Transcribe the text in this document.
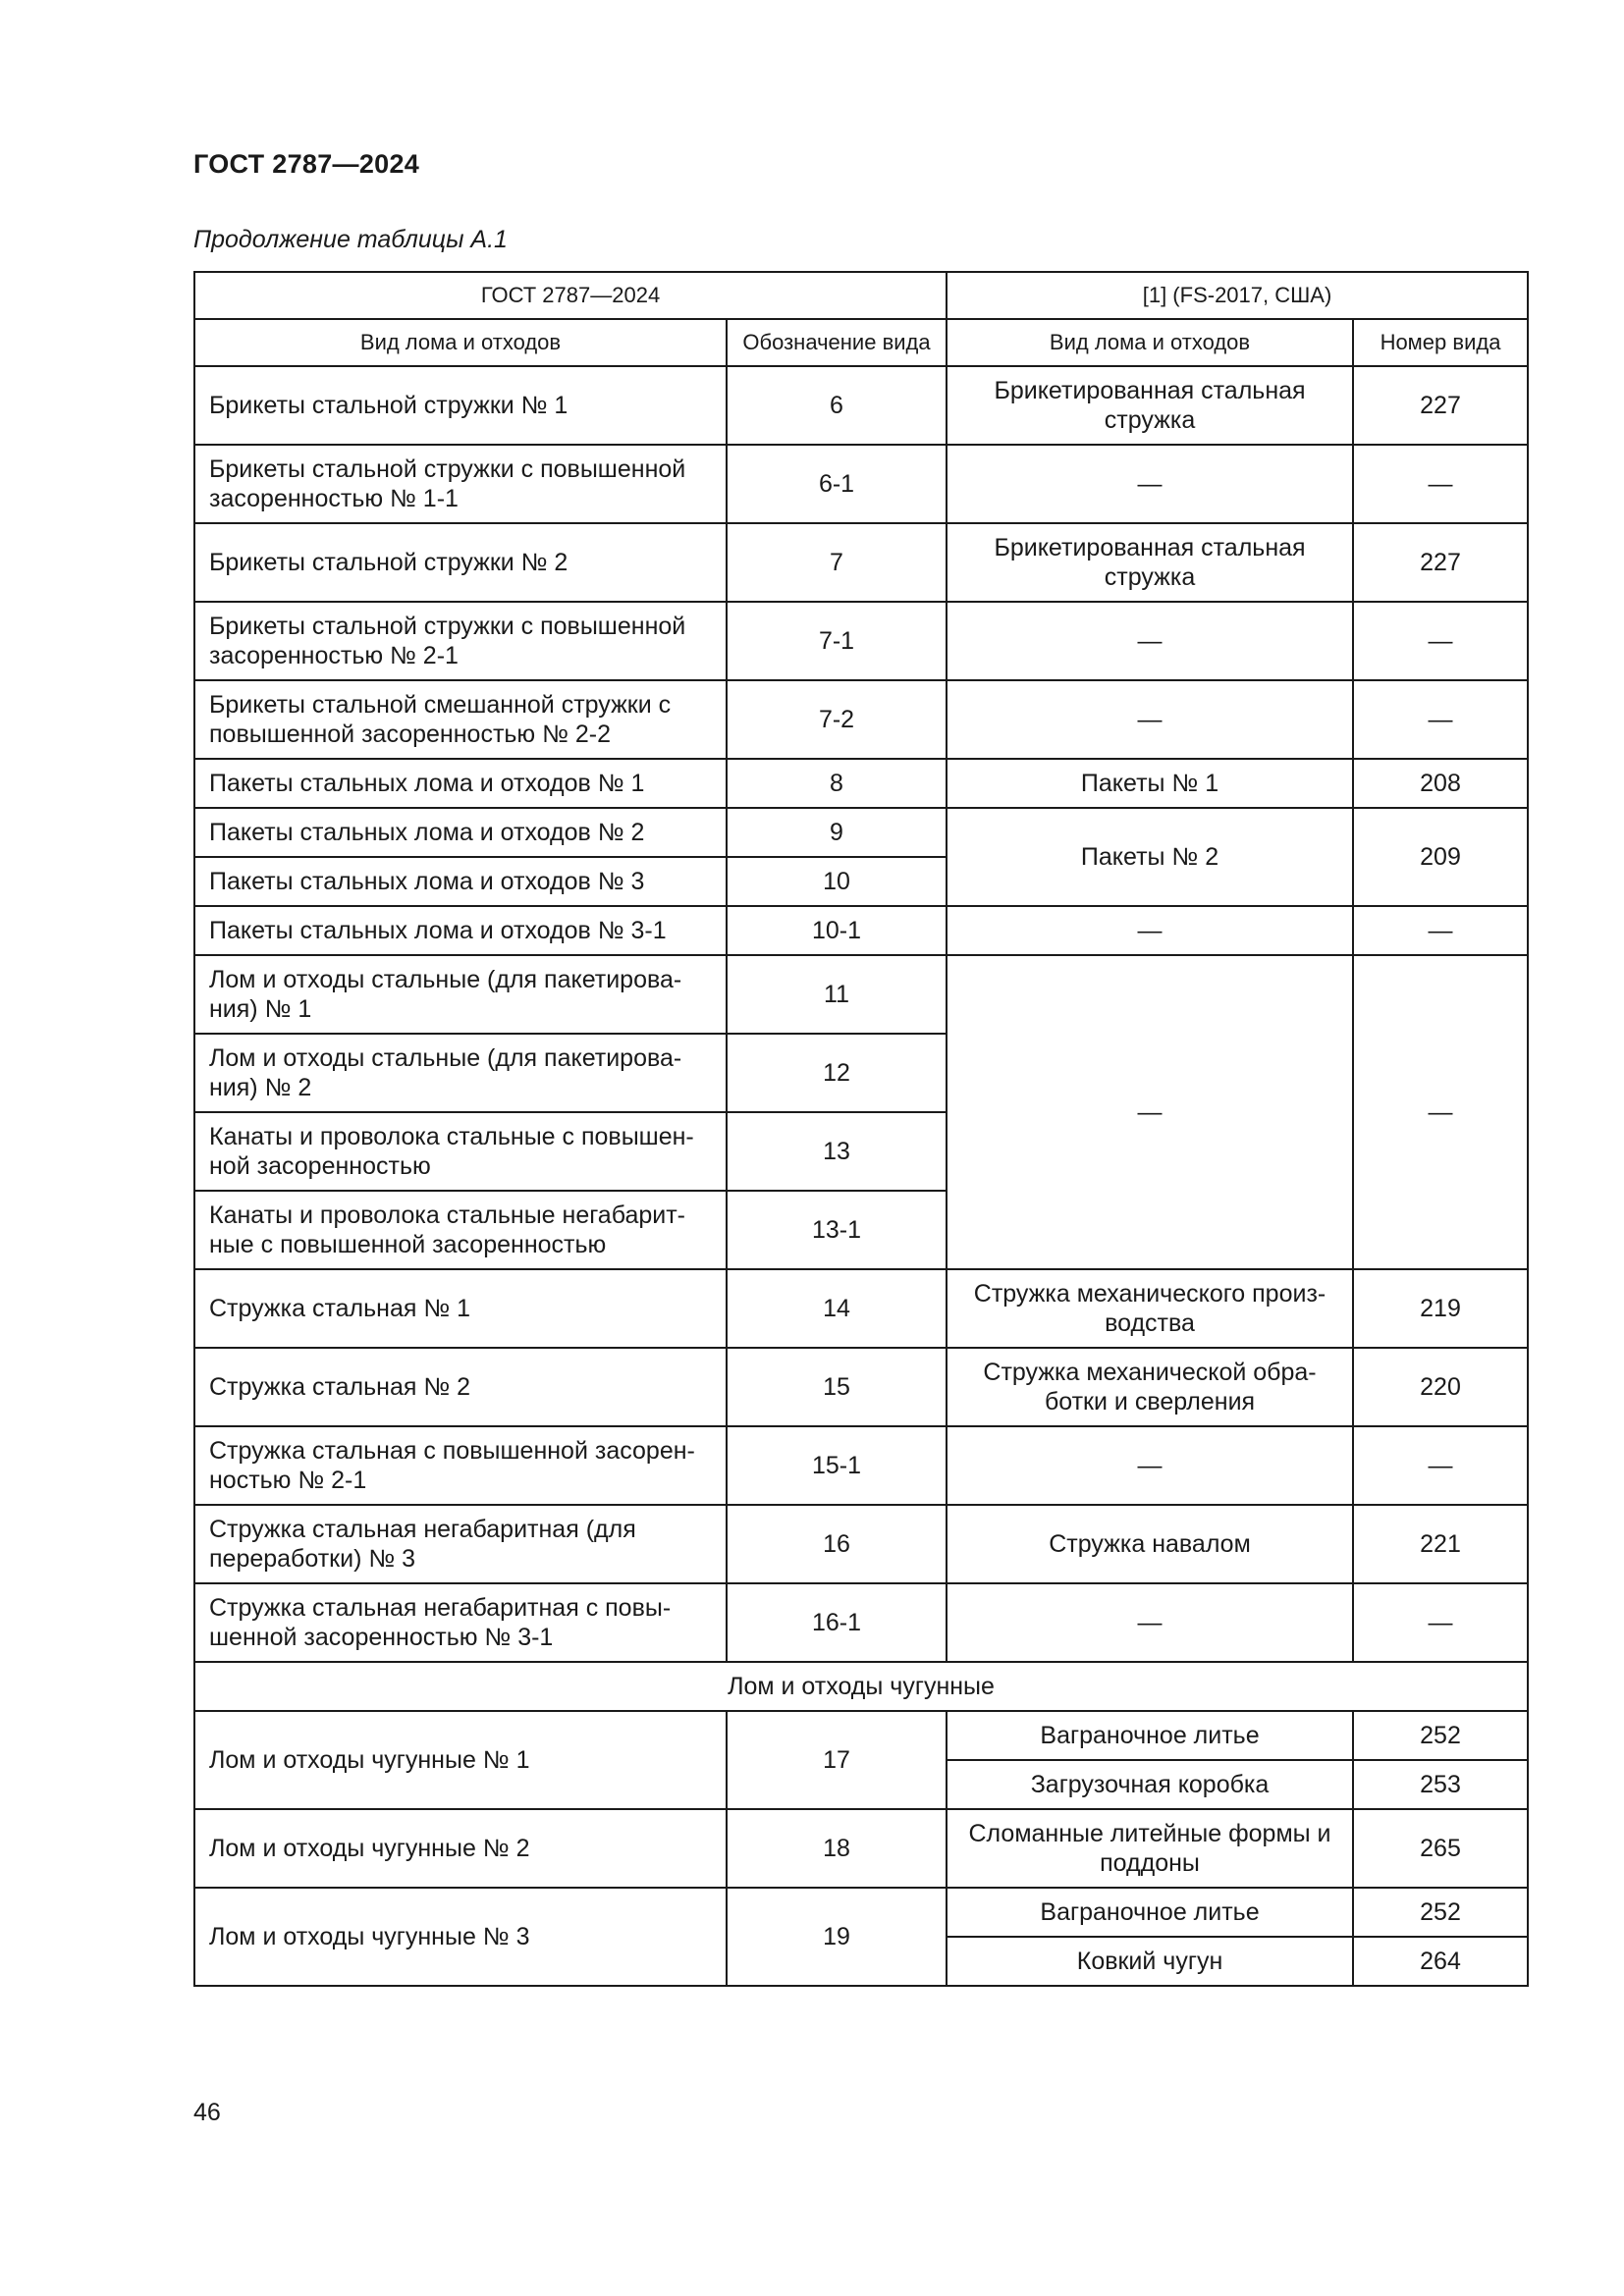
ГОСТ 2787—2024
Продолжение таблицы А.1
ГОСТ 2787—2024		[1] (FS-2017, США)	
Вид лома и отходов	Обозначение вида	Вид лома и отходов	Номер вида
Брикеты стальной стружки № 1	6	Брикетированная стальная стружка	227
Брикеты стальной стружки с повышенной засоренностью № 1-1	6-1	—	—
Брикеты стальной стружки № 2	7	Брикетированная стальная стружка	227
Брикеты стальной стружки с повышенной засоренностью № 2-1	7-1	—	—
Брикеты стальной смешанной стружки с повышенной засоренностью № 2-2	7-2	—	—
Пакеты стальных лома и отходов № 1	8	Пакеты № 1	208
Пакеты стальных лома и отходов № 2	9	Пакеты № 2	209
Пакеты стальных лома и отходов № 3	10		
Пакеты стальных лома и отходов № 3-1	10-1	—	—
Лом и отходы стальные (для пакетирова-ния) № 1	11	—	—
Лом и отходы стальные (для пакетирова-ния) № 2	12		
Канаты и проволока стальные с повышен-ной засоренностью	13		
Канаты и проволока стальные негабарит-ные с повышенной засоренностью	13-1		
Стружка стальная № 1	14	Стружка механического произ-водства	219
Стружка стальная № 2	15	Стружка механической обра-ботки и сверления	220
Стружка стальная с повышенной засорен-ностью № 2-1	15-1	—	—
Стружка стальная негабаритная (для переработки) № 3	16	Стружка навалом	221
Стружка стальная негабаритная с повы-шенной засоренностью № 3-1	16-1	—	—
Лом и отходы чугунные			
Лом и отходы чугунные № 1	17	Ваграночное литье	252
		Загрузочная коробка	253
Лом и отходы чугунные № 2	18	Сломанные литейные формы и поддоны	265
Лом и отходы чугунные № 3	19	Ваграночное литье	252
		Ковкий чугун	264
46
